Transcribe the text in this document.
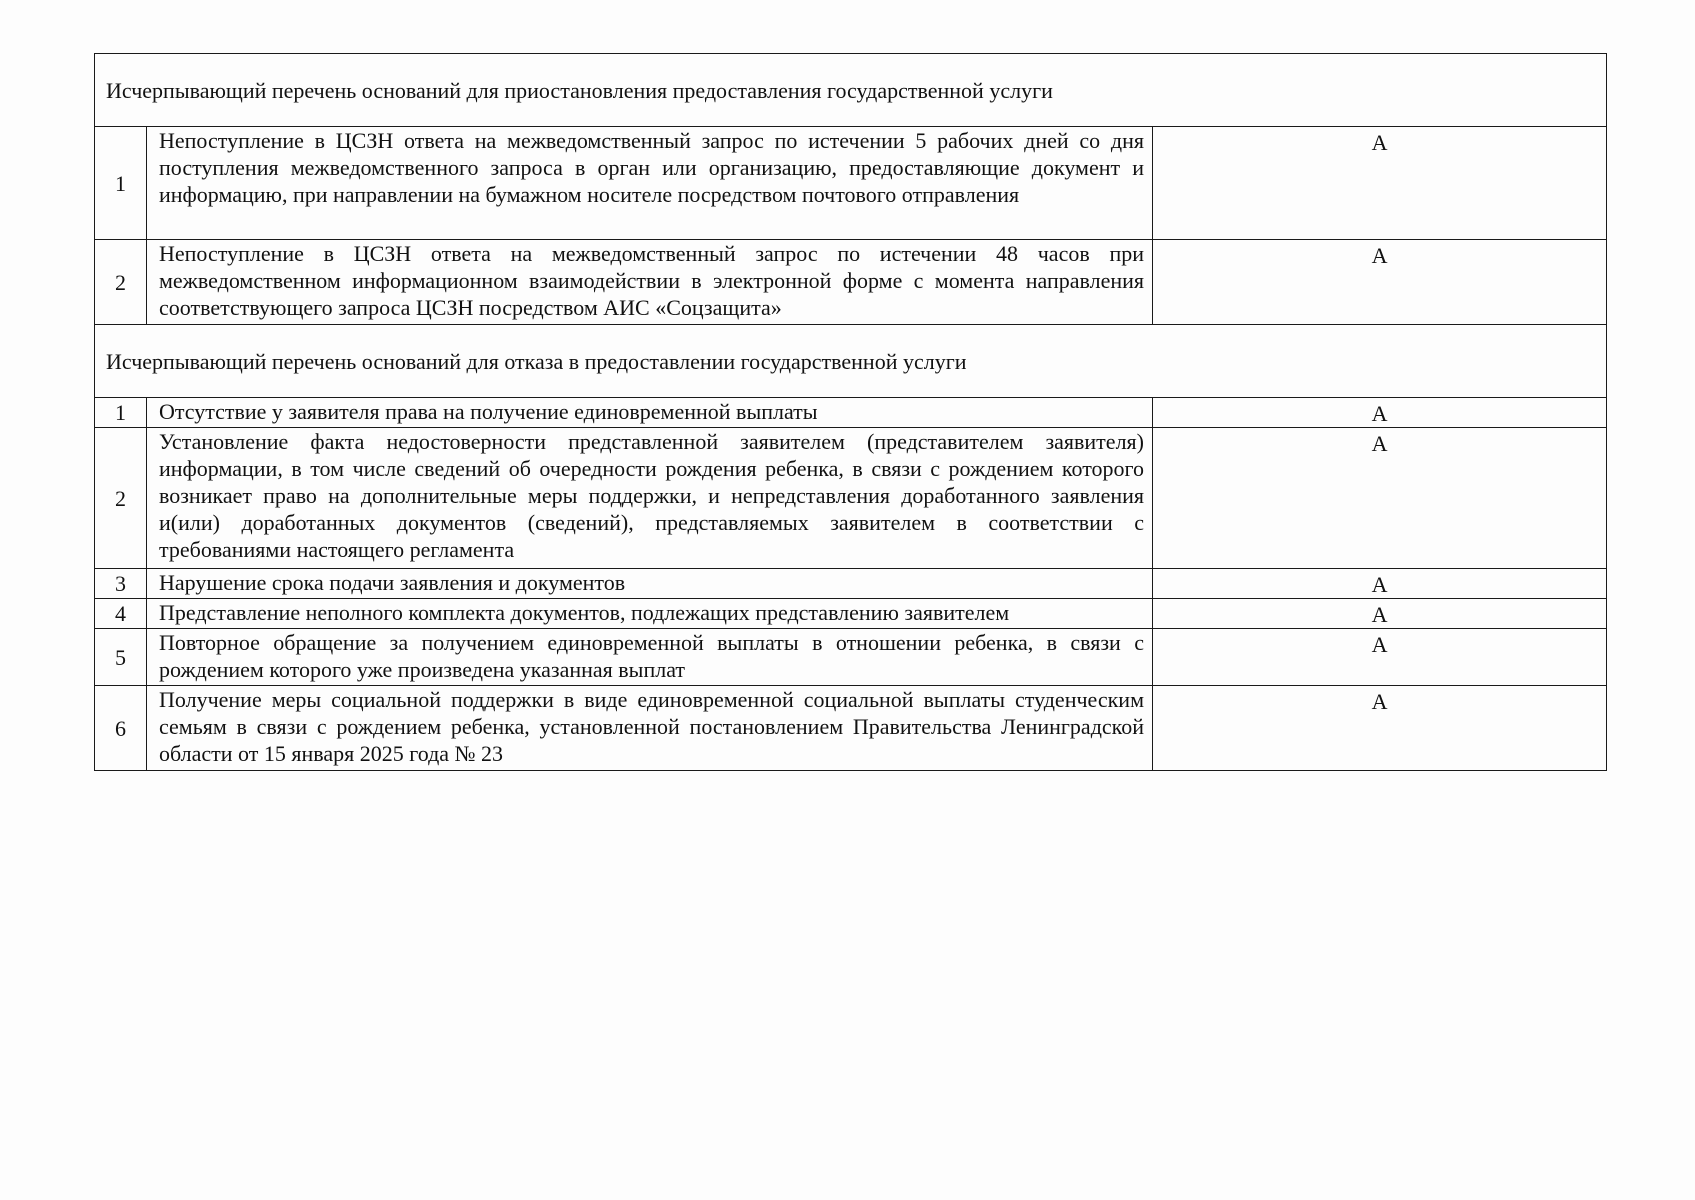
Исчерпывающий перечень оснований для приостановления предоставления государственной услуги		
1	Непоступление в ЦСЗН ответа на межведомственный запрос по истечении 5 рабочих дней со дня поступления межведомственного запроса в орган или организацию, предоставляющие документ и информацию, при направлении на бумажном носителе посредством почтового отправления	А

2	Непоступление в ЦСЗН ответа на межведомственный запрос по истечении 48 часов при межведомственном информационном взаимодействии в электронной форме с момента направления соответствующего запроса ЦСЗН посредством АИС «Соцзащита»	А

Исчерпывающий перечень оснований для отказа в предоставлении государственной услуги		
1	Отсутствие у заявителя права на получение единовременной выплаты	А

2	Установление факта недостоверности представленной заявителем (представителем заявителя) информации, в том числе сведений об очередности рождения ребенка, в связи с рождением которого возникает право на дополнительные меры поддержки, и непредставления доработанного заявления и(или) доработанных документов (сведений), представляемых заявителем в соответствии с требованиями настоящего регламента	А

3	Нарушение срока подачи заявления и документов	А

4	Представление неполного комплекта документов, подлежащих представлению заявителем	А

5	Повторное обращение за получением единовременной выплаты в отношении ребенка, в связи с рождением которого уже произведена указанная выплат	А

6	Получение меры социальной поддержки в виде единовременной социальной выплаты студенческим семьям в связи с рождением ребенка, установленной постановлением Правительства Ленинградской области от 15 января 2025 года № 23	А
